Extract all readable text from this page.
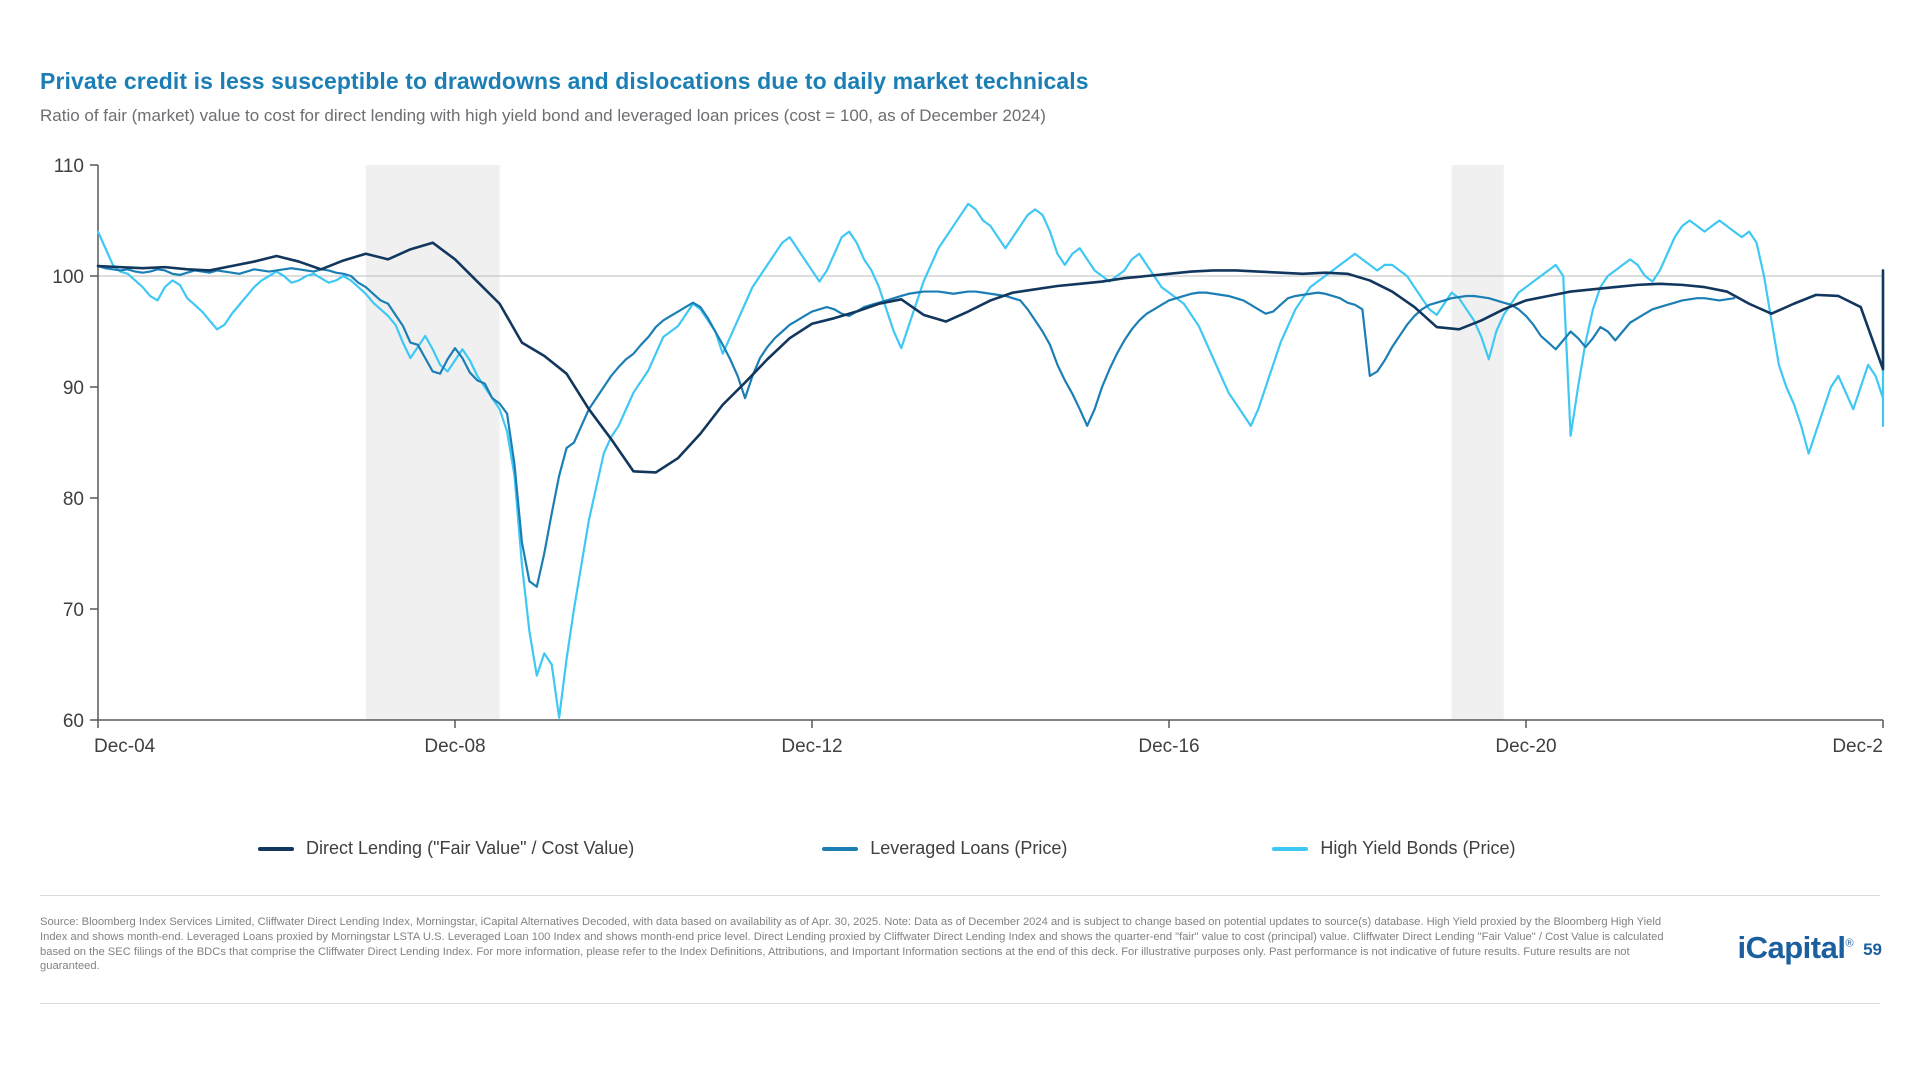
Private credit is less susceptible to drawdowns and dislocations due to daily market technicals
Ratio of fair (market) value to cost for direct lending with high yield bond and leveraged loan prices (cost = 100, as of December 2024)
60
70
80
90
100
110
Dec-04	Dec-08	Dec-12	Dec-16	Dec-20	Dec-2
Direct Lending ("Fair Value" / Cost Value)	Leveraged Loans (Price)	High Yield Bonds (Price)
Source: Bloomberg Index Services Limited, Cliffwater Direct Lending Index, Morningstar, iCapital Alternatives Decoded, with data based on availability as of Apr. 30, 2025. Note: Data as of December 2024 and is subject to change based on potential updates to source(s) database. High Yield proxied by the Bloomberg High Yield Index and shows month-end. Leveraged Loans proxied by Morningstar LSTA U.S. Leveraged Loan 100 Index and shows month-end price level. Direct Lending proxied by Cliffwater Direct Lending Index and shows the quarter-end "fair" value to cost (principal) value. Cliffwater Direct Lending "Fair Value" / Cost Value is calculated based on the SEC filings of the BDCs that comprise the Cliffwater Direct Lending Index. For more information, please refer to the Index Definitions, Attributions, and Important Information sections at the end of this deck. For illustrative purposes only. Past performance is not indicative of future results. Future results are not guaranteed.
iCapital® 59
